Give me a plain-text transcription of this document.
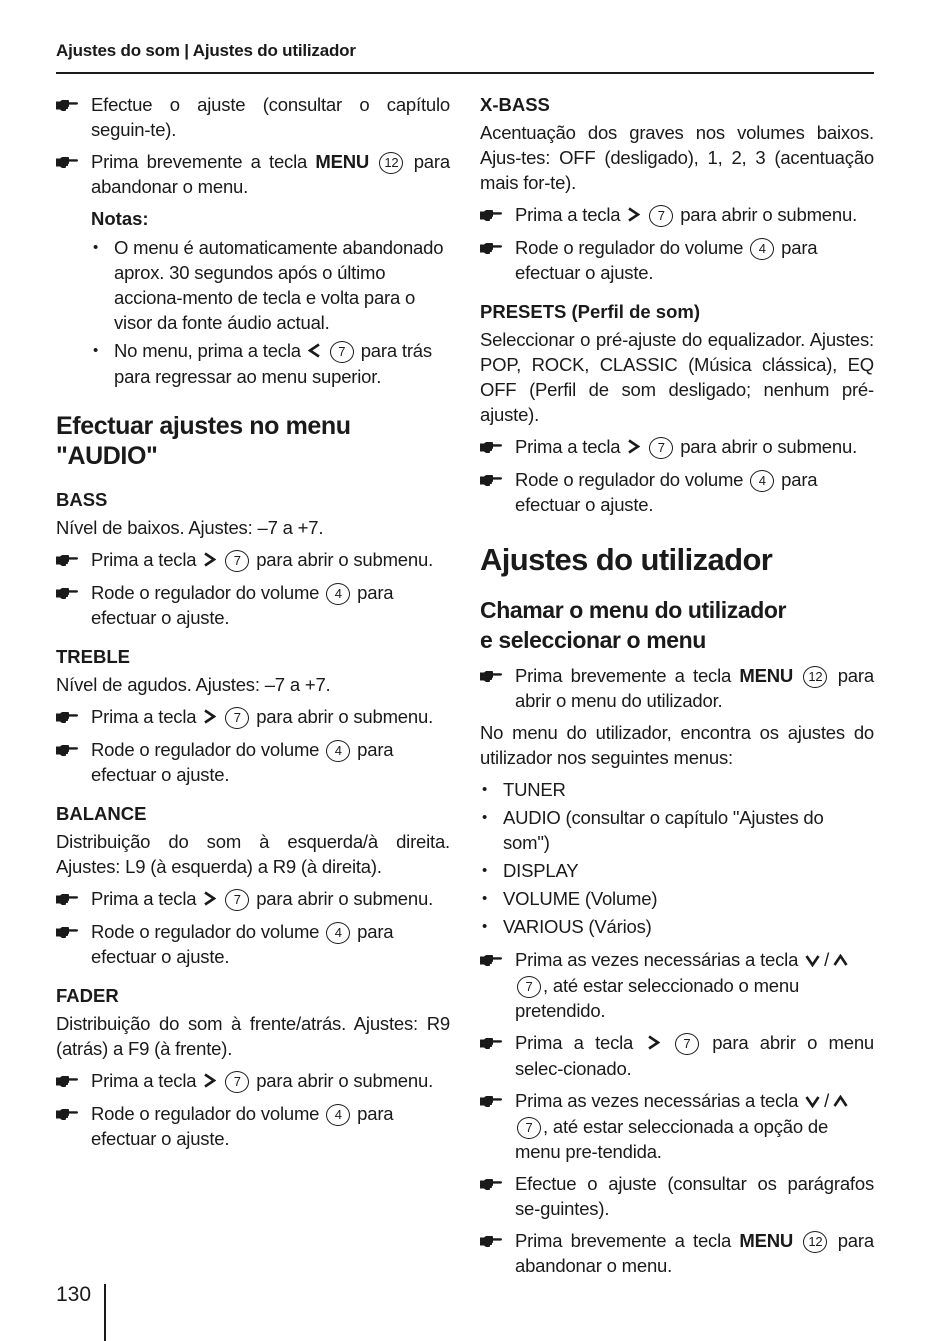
Ajustes do som | Ajustes do utilizador
Efectue o ajuste (consultar o capítulo seguin-te).
Prima brevemente a tecla MENU 12 para abandonar o menu.
Notas:
• O menu é automaticamente abandonado aprox. 30 segundos após o último acciona-mento de tecla e volta para o visor da fonte áudio actual.
• No menu, prima a tecla	7 para trás para regressar ao menu superior.
Efectuar ajustes no menu "AUDIO"
BASS
Nível de baixos. Ajustes: –7 a +7.
Prima a tecla	7 para abrir o submenu.
Rode o regulador do volume 4 para efectuar o ajuste.
TREBLE
Nível de agudos. Ajustes: –7 a +7.
Prima a tecla	7 para abrir o submenu.
Rode o regulador do volume 4 para efectuar o ajuste.
BALANCE
Distribuição do som à esquerda/à direita. Ajustes: L9 (à esquerda) a R9 (à direita).
Prima a tecla	7 para abrir o submenu.
Rode o regulador do volume 4 para efectuar o ajuste.
FADER
Distribuição do som à frente/atrás. Ajustes: R9 (atrás) a F9 (à frente).
Prima a tecla	7 para abrir o submenu.
Rode o regulador do volume 4 para efectuar o ajuste.
X-BASS
Acentuação dos graves nos volumes baixos. Ajus-tes: OFF (desligado), 1, 2, 3 (acentuação mais for-te).
Prima a tecla	7 para abrir o submenu.
Rode o regulador do volume 4 para efectuar o ajuste.
PRESETS (Perfil de som)
Seleccionar o pré-ajuste do equalizador. Ajustes: POP, ROCK, CLASSIC (Música clássica), EQ OFF (Perfil de som desligado; nenhum pré-ajuste).
Prima a tecla	7 para abrir o submenu.
Rode o regulador do volume 4 para efectuar o ajuste.
Ajustes do utilizador
Chamar o menu do utilizador
e seleccionar o menu
Prima brevemente a tecla MENU 12 para abrir o menu do utilizador.
No menu do utilizador, encontra os ajustes do utilizador nos seguintes menus:
• TUNER
• AUDIO (consultar o capítulo "Ajustes do som")
• DISPLAY
• VOLUME (Volume)
• VARIOUS (Vários)
Prima as vezes necessárias a tecla / 7 , até estar seleccionado o menu pretendido.
Prima a tecla	7 para abrir o menu selec-cionado.
Prima as vezes necessárias a tecla / 7 , até estar seleccionada a opção de menu pre-tendida.
Efectue o ajuste (consultar os parágrafos se-guintes).
Prima brevemente a tecla MENU 12 para abandonar o menu.
130
